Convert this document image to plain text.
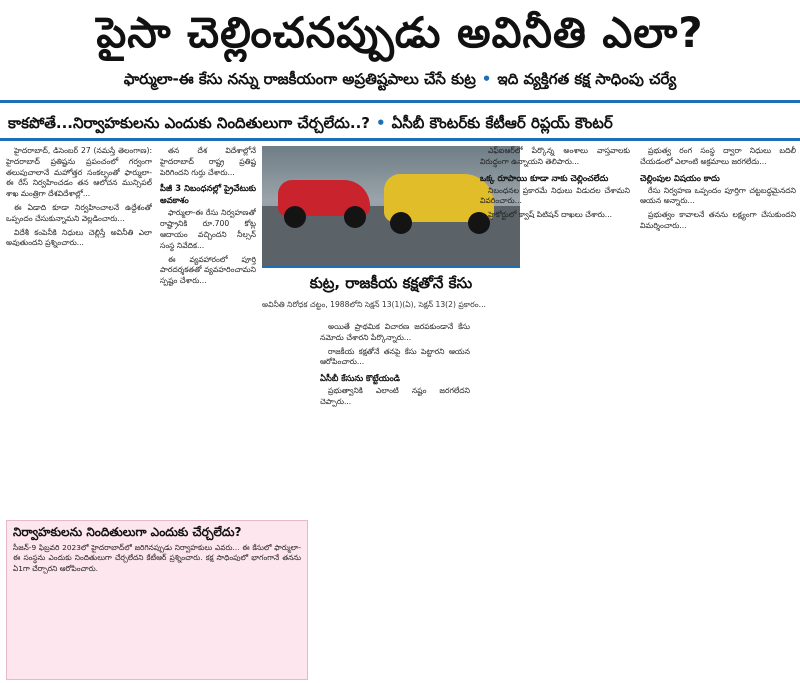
పైసా చెల్లించనప్పుడు అవినీతి ఎలా?
ఫార్ములా-ఈ కేసు నన్ను రాజకీయంగా అప్రతిష్టపాలు చేసే కుట్ర • ఇది వ్యక్తిగత కక్ష సాధింపు చర్యే
కాకపోతే...నిర్వాహకులను ఎందుకు నిందితులుగా చేర్చలేదు..? • ఏసీబీ కౌంటర్‌కు కేటీఆర్ రిప్లయ్ కౌంటర్

హైదరాబాద్, డిసెంబర్ 27 (నమస్తే తెలంగాణ): హైదరాబాద్ ప్రతిష్టను ప్రపంచంలో గర్వంగా తలుపుచాలానే మహోత్తర సంకల్పంతో ఫార్ములా-ఈ రేస్ నిర్వహించడం తన ఆలోచన మున్సిపల్ శాఖ మంత్రిగా దేశవిదేశాల్లో...

ఈ ఏడాది కూడా నిర్వహించాలనే ఉద్దేశంతో ఒప్పందం చేసుకున్నామని వెల్లడించారు...

విదేశీ కంపెనీకి నిధులు చెల్లిస్తే అవినీతి ఎలా అవుతుందని ప్రశ్నించారు...

తన దేశ విదేశాల్లోనే హైదరాబాద్ రాష్ట్ర ప్రతిష్ట పెరిగిందని గుర్తు చేశారు...

పీజీ 3 నిబంధనల్లో ప్రైవేటుకు అవకాశం

ఫార్ములా-ఈ రేసు నిర్వహణతో రాష్ట్రానికి రూ.700 కోట్ల ఆదాయం వచ్చిందని నీల్సన్ సంస్థ నివేదిక...

ఈ వ్యవహారంలో పూర్తి పారదర్శకతతో వ్యవహరించామని స్పష్టం చేశారు...	కుట్ర, రాజకీయ కక్షతోనే కేసు
అవినీతి నిరోధక చట్టం, 1988లోని సెక్షన్ 13(1)(ఏ), సెక్షన్ 13(2) ప్రకారం...

అయితే ప్రాథమిక విచారణ జరపకుండానే కేసు నమోదు చేశారని పేర్కొన్నారు...

రాజకీయ కక్షతోనే తనపై కేసు పెట్టారని ఆయన ఆరోపించారు...

ఏసీబీ కేసును కొట్టేయండి

ప్రభుత్వానికి ఎలాంటి నష్టం జరగలేదని చెప్పారు...

ఎఫ్ఐఆర్‌లో పేర్కొన్న అంశాలు వాస్తవాలకు విరుద్ధంగా ఉన్నాయని తెలిపారు...

ఒక్క రూపాయి కూడా నాకు చెల్లించలేదు

నిబంధనల ప్రకారమే నిధులు విడుదల చేశామని వివరించారు...

హైకోర్టులో క్వాష్ పిటిషన్ దాఖలు చేశారు...

ప్రభుత్వ రంగ సంస్థ ద్వారా నిధులు బదిలీ చేయడంలో ఎలాంటి అక్రమాలు జరగలేదు...

చెల్లింపుల విషయం కాదు

రేసు నిర్వహణ ఒప్పందం పూర్తిగా చట్టబద్ధమైనదని ఆయన అన్నారు...

ప్రభుత్వం కావాలనే తనను లక్ష్యంగా చేసుకుందని విమర్శించారు...

నిర్వాహకులను నిందితులుగా ఎందుకు చేర్చలేదు?
సీజన్-9 ఫిబ్రవరి 2023లో హైదరాబాద్‌లో జరిగినప్పుడు నిర్వాహకులు ఎవరు... ఈ కేసులో ఫార్ములా-ఈ సంస్థను ఎందుకు నిందితులుగా చేర్చలేదని కేటీఆర్ ప్రశ్నించారు. కక్ష సాధింపులో భాగంగానే తనను ఏ1గా చేర్చారని ఆరోపించారు.
